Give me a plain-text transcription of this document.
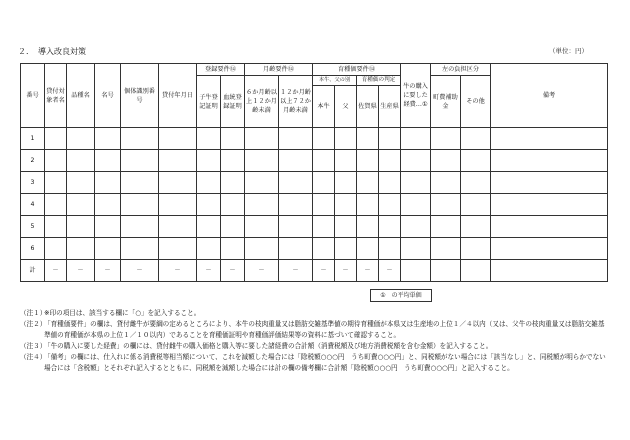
２．　導入改良対策	（単位：円）
番号	貸付対象者名	品種名	名号	個体識別番号	貸付年月日	登録要件⑭		月齢要件⑭		育種価要件⑭				牛の購入に要した経費…①	左の負担区分		備考
						子牛登記証明	血統登録証明	６か月齢以上１２か月齢未満	１２か月齢以上７２か月齢未満	本牛、父の別		育種価の判定			町費補助金	その他	
										本牛	父	佐賀県	生産県				
1																	
2																	
3																	
4																	
5																	
6																	
計	－	－	－	－	－	－	－	－	－	－	－	－	－				
①　の平均単価
（注１）
※印の項目は、該当する欄に「○」を記入すること。
（注２）
「育種価要件」の欄は、貸付雌牛が要綱の定めるところにより、本牛の枝肉重量又は脂肪交雑基準値の期待育種価が本県又は生産地の上位１／４以内（又は、父牛の枝肉重量又は脂肪交雑基準値の育種価が本県の上位１／１０以内）であることを育種価証明や育種価評価結果等の資料に基づいて確認すること。
（注３）
「牛の購入に要した経費」の欄には、貸付雌牛の購入価格と購入等に要した諸経費の合計額（消費税額及び地方消費税額を含む金額）を記入すること。
（注４）
「備考」の欄には、仕入れに係る消費税等相当額について、これを減額した場合には「除税額○○○円　うち町費○○○円」と、同税額がない場合には「該当なし」と、同税額が明らかでない場合には「含税額」とそれぞれ記入するとともに、同税額を減額した場合には計の欄の備考欄に合計額「除税額○○○円　うち町費○○○円」と記入すること。
